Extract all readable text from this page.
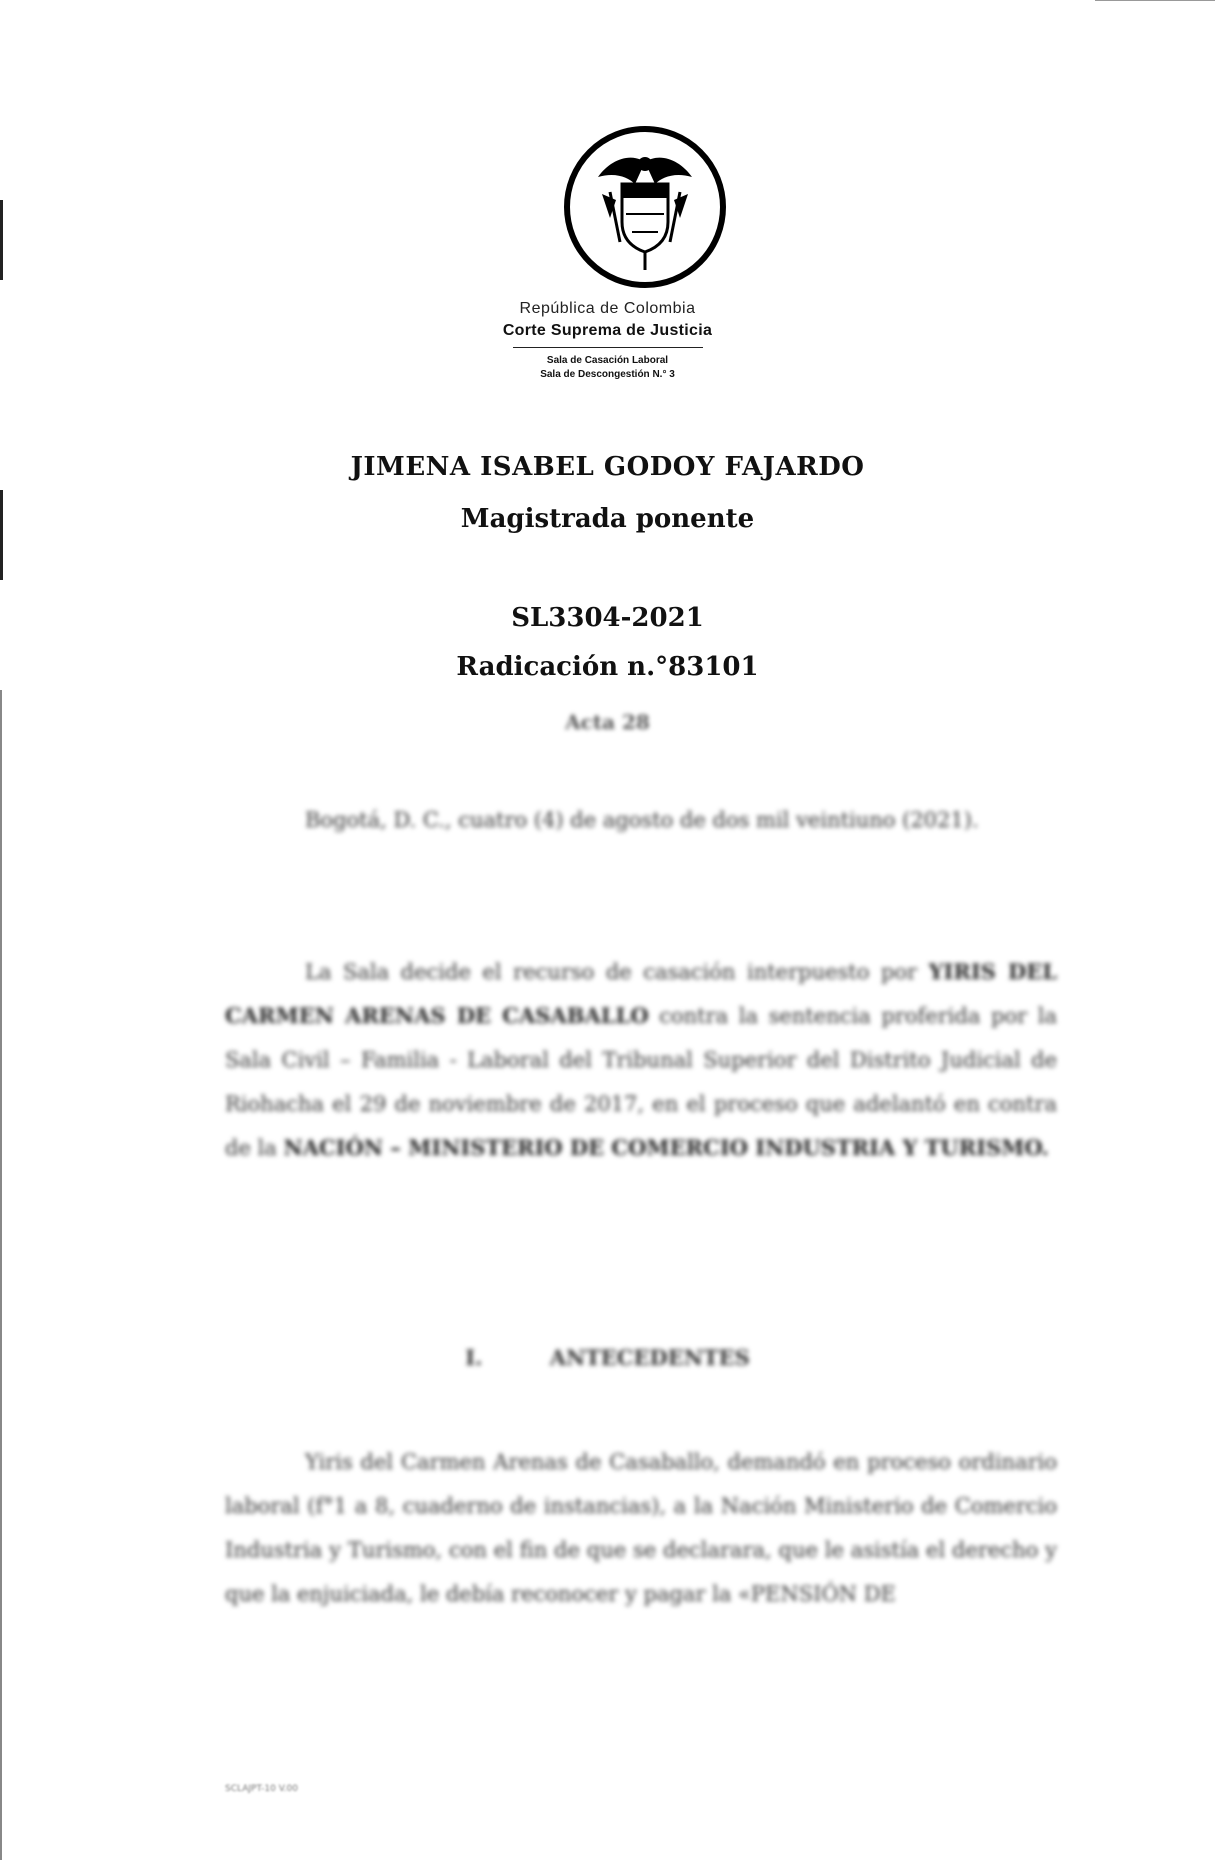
República de Colombia
Corte Suprema de Justicia
Sala de Casación Laboral
Sala de Descongestión N.° 3
JIMENA ISABEL GODOY FAJARDO
Magistrada ponente
SL3304-2021
Radicación n.°83101
Acta 28

Bogotá, D. C., cuatro (4) de agosto de dos mil veintiuno (2021).

La Sala decide el recurso de casación interpuesto por YIRIS DEL CARMEN ARENAS DE CASABALLO contra la sentencia proferida por la Sala Civil – Familia - Laboral del Tribunal Superior del Distrito Judicial de Riohacha el 29 de noviembre de 2017, en el proceso que adelantó en contra de la NACIÓN – MINISTERIO DE COMERCIO INDUSTRIA Y TURISMO.

I.	ANTECEDENTES

Yiris del Carmen Arenas de Casaballo, demandó en proceso ordinario laboral (f°1 a 8, cuaderno de instancias), a la Nación Ministerio de Comercio Industria y Turismo, con el fin de que se declarara, que le asistía el derecho y que la enjuiciada, le debía reconocer y pagar la «PENSIÓN DE

SCLAJPT-10 V.00
